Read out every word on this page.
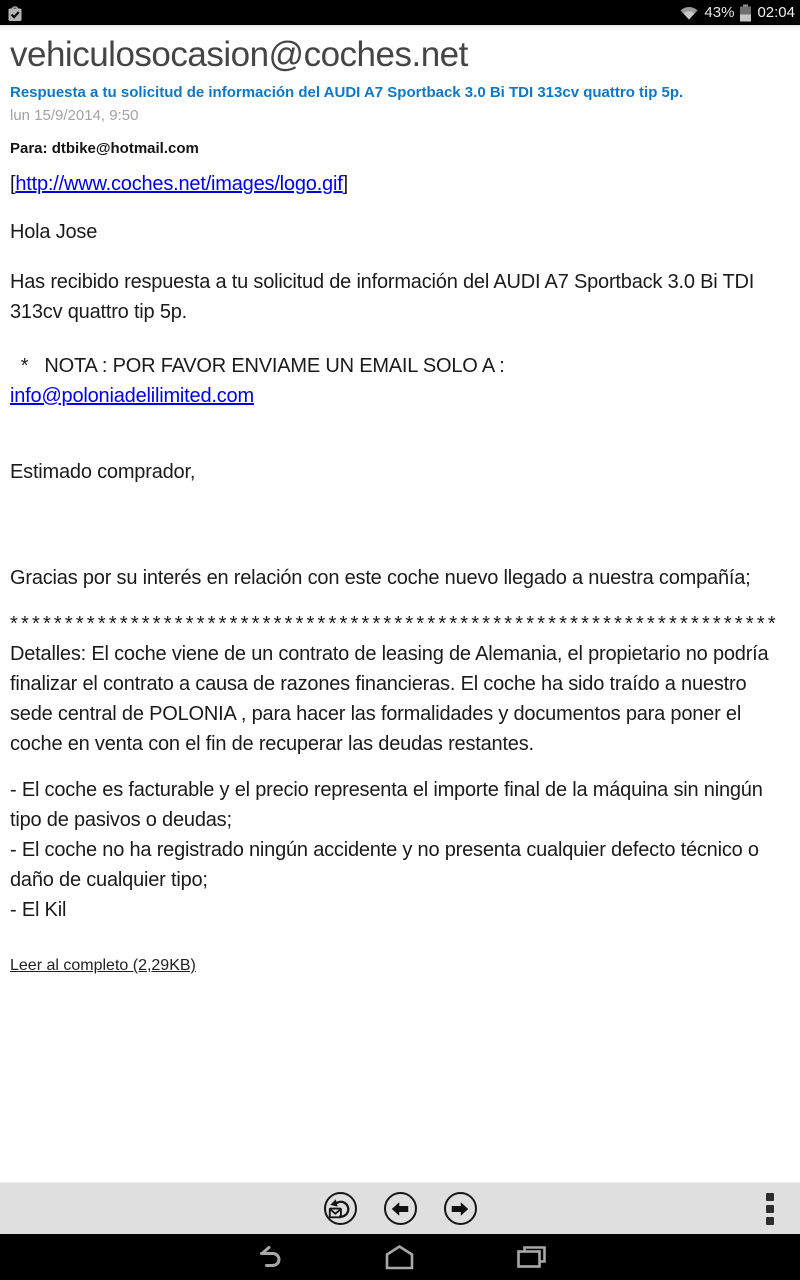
43% 02:04
vehiculosocasion@coches.net
Respuesta a tu solicitud de información del AUDI A7 Sportback 3.0 Bi TDI 313cv quattro tip 5p.
lun 15/9/2014, 9:50
Para: dtbike@hotmail.com

[http://www.coches.net/images/logo.gif]

Hola Jose

Has recibido respuesta a tu solicitud de información del AUDI A7 Sportback 3.0 Bi TDI 313cv quattro tip 5p.

*   NOTA : POR FAVOR ENVIAME UN EMAIL SOLO A :
info@poloniadelilimited.com

Estimado comprador,

Gracias por su interés en relación con este coche nuevo llegado a nuestra compañía;

**********************************************************************

Detalles: El coche viene de un contrato de leasing de Alemania, el propietario no podría finalizar el contrato a causa de razones financieras. El coche ha sido traído a nuestro sede central de POLONIA , para hacer las formalidades y documentos para poner el coche en venta con el fin de recuperar las deudas restantes.

- El coche es facturable y el precio representa el importe final de la máquina sin ningún tipo de pasivos o deudas;

- El coche no ha registrado ningún accidente y no presenta cualquier defecto técnico o daño de cualquier tipo;

- El Kil

Leer al completo (2,29KB)
